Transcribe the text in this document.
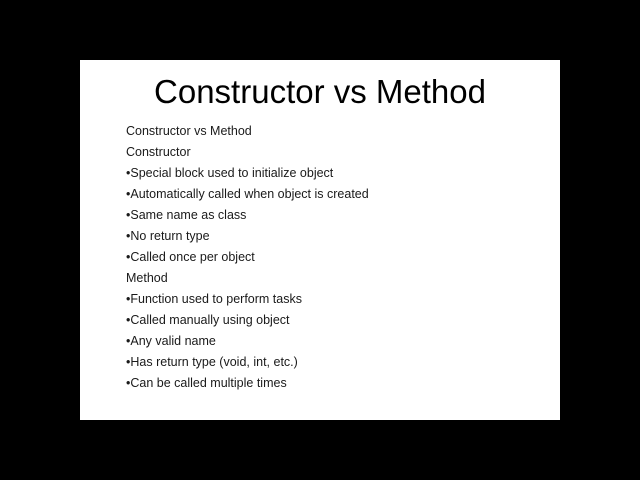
Constructor vs Method
Constructor vs Method
Constructor
•Special block used to initialize object
•Automatically called when object is created
•Same name as class
•No return type
•Called once per object
Method
•Function used to perform tasks
•Called manually using object
•Any valid name
•Has return type (void, int, etc.)
•Can be called multiple times
